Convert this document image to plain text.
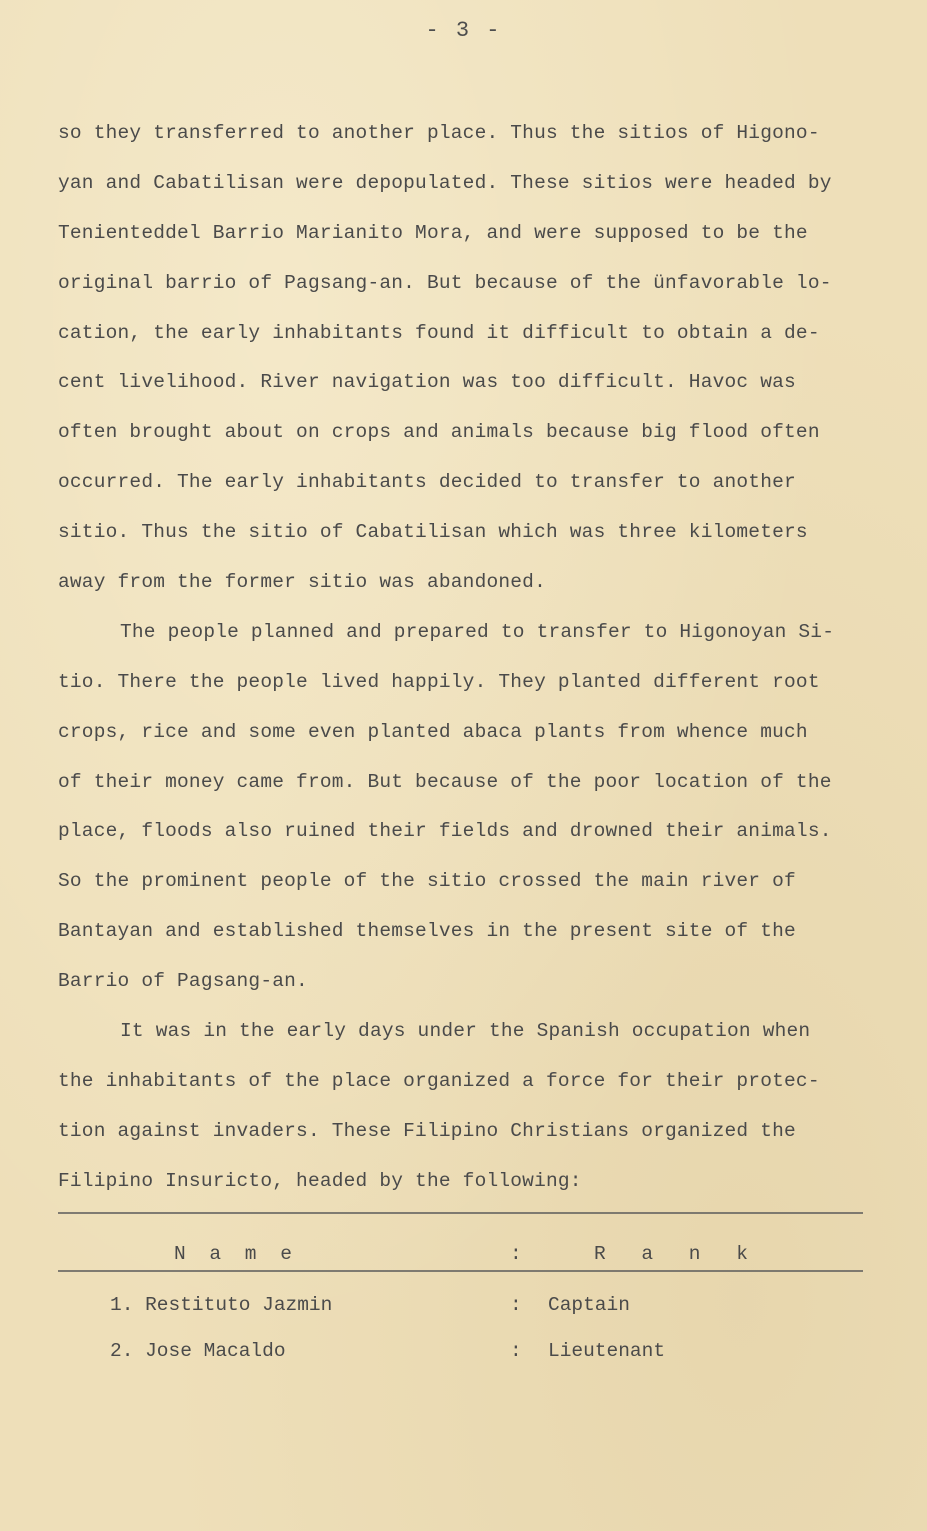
- 3 -
so they transferred to another place. Thus the sitios of Higono-
yan and Cabatilisan were depopulated. These sitios were headed by
Tenienteddel Barrio Marianito Mora, and were supposed to be the
original barrio of Pagsang-an. But because of the ünfavorable lo-
cation, the early inhabitants found it difficult to obtain a de-
cent livelihood. River navigation was too difficult. Havoc was
often brought about on crops and animals because big flood often
occurred. The early inhabitants decided to transfer to another
sitio. Thus the sitio of Cabatilisan which was three kilometers
away from the former sitio was abandoned.
The people planned and prepared to transfer to Higonoyan Si-
tio. There the people lived happily. They planted different root
crops, rice and some even planted abaca plants from whence much
of their money came from. But because of the poor location of the
place, floods also ruined their fields and drowned their animals.
So the prominent people of the sitio crossed the main river of
Bantayan and established themselves in the present site of the
Barrio of Pagsang-an.
It was in the early days under the Spanish occupation when
the inhabitants of the place organized a force for their protec-
tion against invaders. These Filipino Christians organized the
Filipino Insuricto, headed by the following:
N a m e	:	R a n k
1. Restituto Jazmin	: Captain
2. Jose Macaldo	: Lieutenant
